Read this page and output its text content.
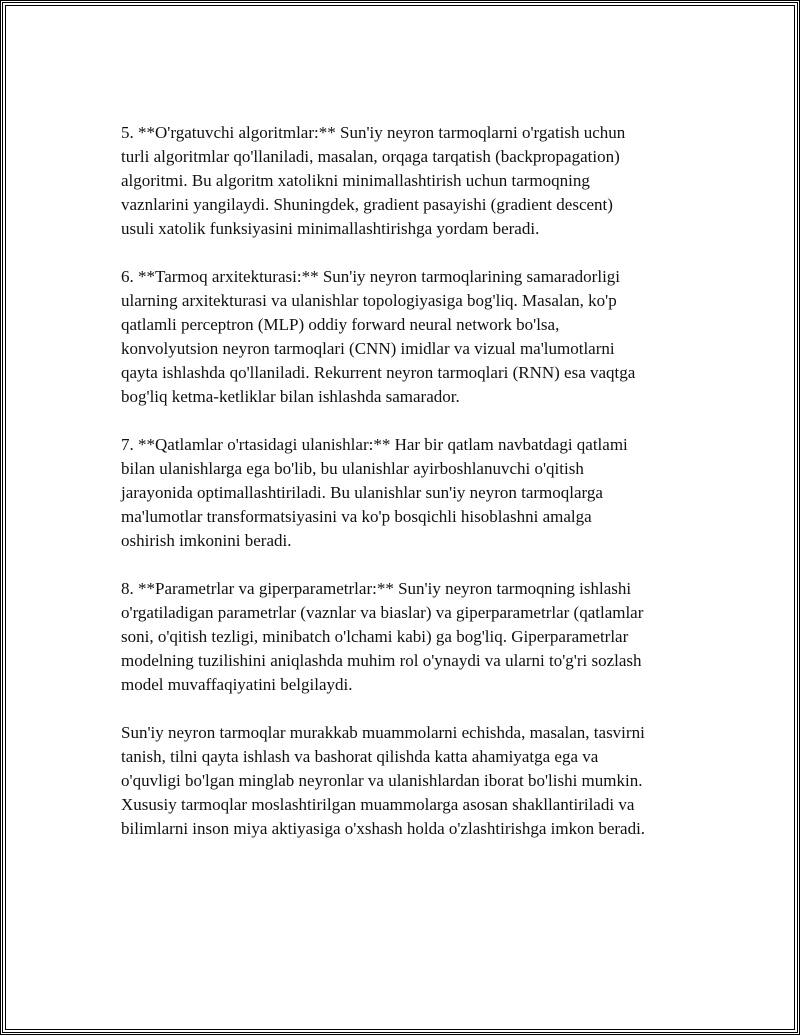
5. **O'rgatuvchi algoritmlar:** Sun'iy neyron tarmoqlarni o'rgatish uchun
turli algoritmlar qo'llaniladi, masalan, orqaga tarqatish (backpropagation)
algoritmi. Bu algoritm xatolikni minimallashtirish uchun tarmoqning
vaznlarini yangilaydi. Shuningdek, gradient pasayishi (gradient descent)
usuli xatolik funksiyasini minimallashtirishga yordam beradi.

6. **Tarmoq arxitekturasi:** Sun'iy neyron tarmoqlarining samaradorligi
ularning arxitekturasi va ulanishlar topologiyasiga bog'liq. Masalan, ko'p
qatlamli perceptron (MLP) oddiy forward neural network bo'lsa,
konvolyutsion neyron tarmoqlari (CNN) imidlar va vizual ma'lumotlarni
qayta ishlashda qo'llaniladi. Rekurrent neyron tarmoqlari (RNN) esa vaqtga
bog'liq ketma-ketliklar bilan ishlashda samarador.

7. **Qatlamlar o'rtasidagi ulanishlar:** Har bir qatlam navbatdagi qatlami
bilan ulanishlarga ega bo'lib, bu ulanishlar ayirboshlanuvchi o'qitish
jarayonida optimallashtiriladi. Bu ulanishlar sun'iy neyron tarmoqlarga
ma'lumotlar transformatsiyasini va ko'p bosqichli hisoblashni amalga
oshirish imkonini beradi.

8. **Parametrlar va giperparametrlar:** Sun'iy neyron tarmoqning ishlashi
o'rgatiladigan parametrlar (vaznlar va biaslar) va giperparametrlar (qatlamlar
soni, o'qitish tezligi, minibatch o'lchami kabi) ga bog'liq. Giperparametrlar
modelning tuzilishini aniqlashda muhim rol o'ynaydi va ularni to'g'ri sozlash
model muvaffaqiyatini belgilaydi.

Sun'iy neyron tarmoqlar murakkab muammolarni echishda, masalan, tasvirni
tanish, tilni qayta ishlash va bashorat qilishda katta ahamiyatga ega va
o'quvligi bo'lgan minglab neyronlar va ulanishlardan iborat bo'lishi mumkin.
Xususiy tarmoqlar moslashtirilgan muammolarga asosan shakllantiriladi va
bilimlarni inson miya aktiyasiga o'xshash holda o'zlashtirishga imkon beradi.
